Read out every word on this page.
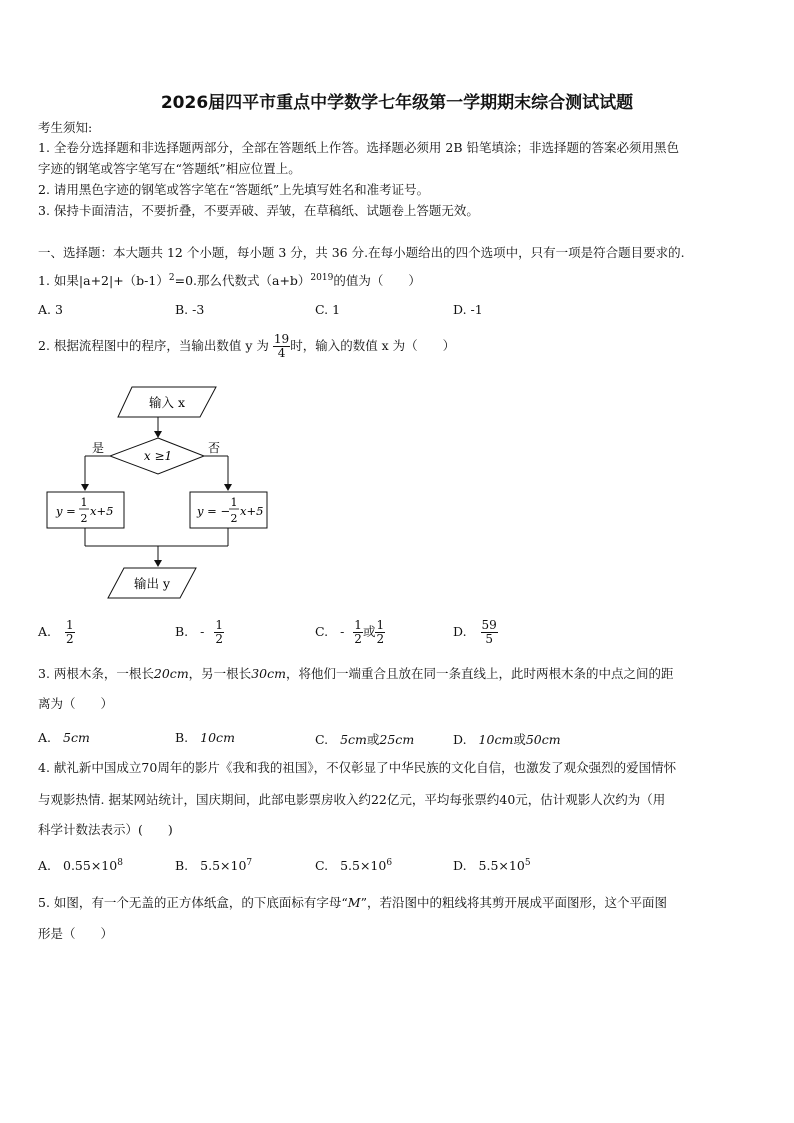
2026届四平市重点中学数学七年级第一学期期末综合测试试题
考生须知:
1. 全卷分选择题和非选择题两部分，全部在答题纸上作答。选择题必须用 2B 铅笔填涂；非选择题的答案必须用黑色
字迹的钢笔或答字笔写在“答题纸”相应位置上。
2. 请用黑色字迹的钢笔或答字笔在“答题纸”上先填写姓名和准考证号。
3. 保持卡面清洁，不要折叠，不要弄破、弄皱，在草稿纸、试题卷上答题无效。
一、选择题：本大题共 12 个小题，每小题 3 分，共 36 分.在每小题给出的四个选项中，只有一项是符合题目要求的.
1. 如果$|a+2|+(b-1)^2=0$.那么代数式$(a+b)^{2019}$的值为（　　）
A. 3	B. -3	C. 1	D. -1
2. 根据流程图中的程序，当输出数值 y 为 $\frac{19}{4}$ 时，输入的数值 x 为（　　）
输入 x
x ≥1
是	否
y =
1
2
x+5	y = −
1
2
x+5
输出 y
A. $\frac{1}{2}$	B. - $\frac{1}{2}$	C. - $\frac{1}{2}$ 或 $\frac{1}{2}$	D. $\frac{59}{5}$
3. 两根木条，一根长20cm，另一根长30cm，将他们一端重合且放在同一条直线上，此时两根木条的中点之间的距
离为（　　）
A. 5cm	B. 10cm	C. 5cm或25cm	D. 10cm或50cm
4. 献礼新中国成立70周年的影片《我和我的祖国》，不仅彰显了中华民族的文化自信，也激发了观众强烈的爱国情怀
与观影热情. 据某网站统计，国庆期间，此部电影票房收入约22亿元，平均每张票约40元，估计观影人次约为（用
科学计数法表示）(　　)
A. $0.55\times 10^8$	B. $5.5\times 10^7$	C. $5.5\times 10^6$	D. $5.5\times 10^5$
5. 如图，有一个无盖的正方体纸盒，的下底面标有字母“M”，若沿图中的粗线将其剪开展成平面图形，这个平面图
形是（　　）
